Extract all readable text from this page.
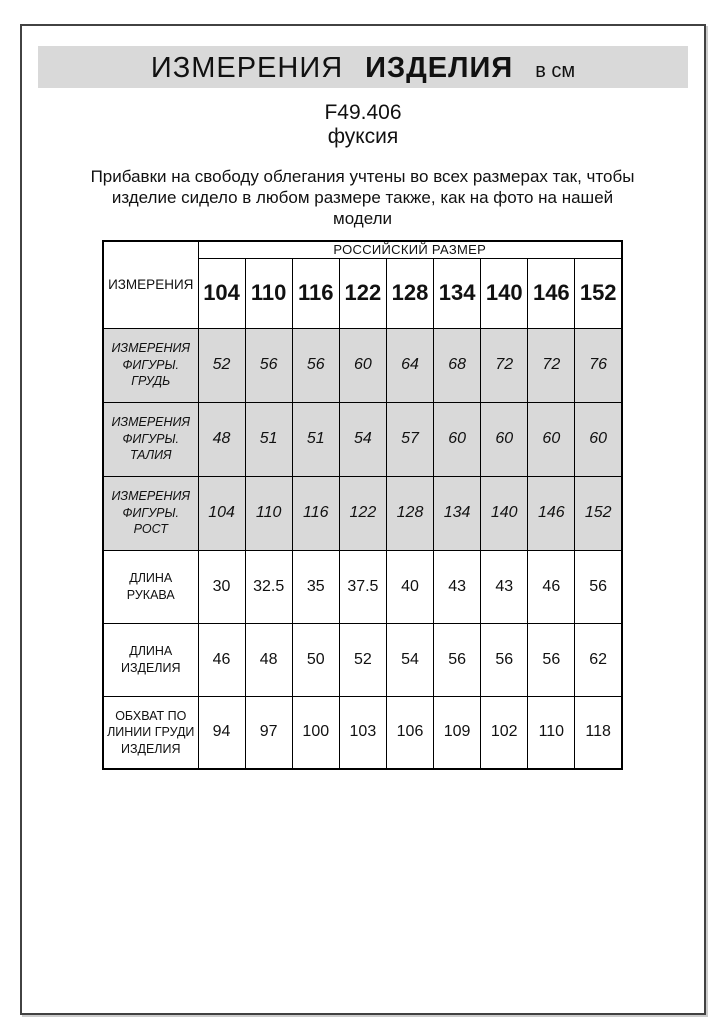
ИЗМЕРЕНИЯ ИЗДЕЛИЯ в см
F49.406
фуксия
Прибавки на свободу облегания учтены во всех размерах так, чтобы
изделие сидело в любом размере также, как на фото на нашей
модели
ИЗМЕРЕНИЯ	РОССИЙСКИЙ РАЗМЕР								
	104	110	116	122	128	134	140	146	152

ИЗМЕРЕНИЯ
ФИГУРЫ.
ГРУДЬ	52	56	56	60	64	68	72	72	76

ИЗМЕРЕНИЯ
ФИГУРЫ.
ТАЛИЯ	48	51	51	54	57	60	60	60	60

ИЗМЕРЕНИЯ
ФИГУРЫ.
РОСТ	104	110	116	122	128	134	140	146	152

ДЛИНА
РУКАВА	30	32.5	35	37.5	40	43	43	46	56

ДЛИНА
ИЗДЕЛИЯ	46	48	50	52	54	56	56	56	62

ОБХВАТ ПО
ЛИНИИ ГРУДИ
ИЗДЕЛИЯ	94	97	100	103	106	109	102	110	118
